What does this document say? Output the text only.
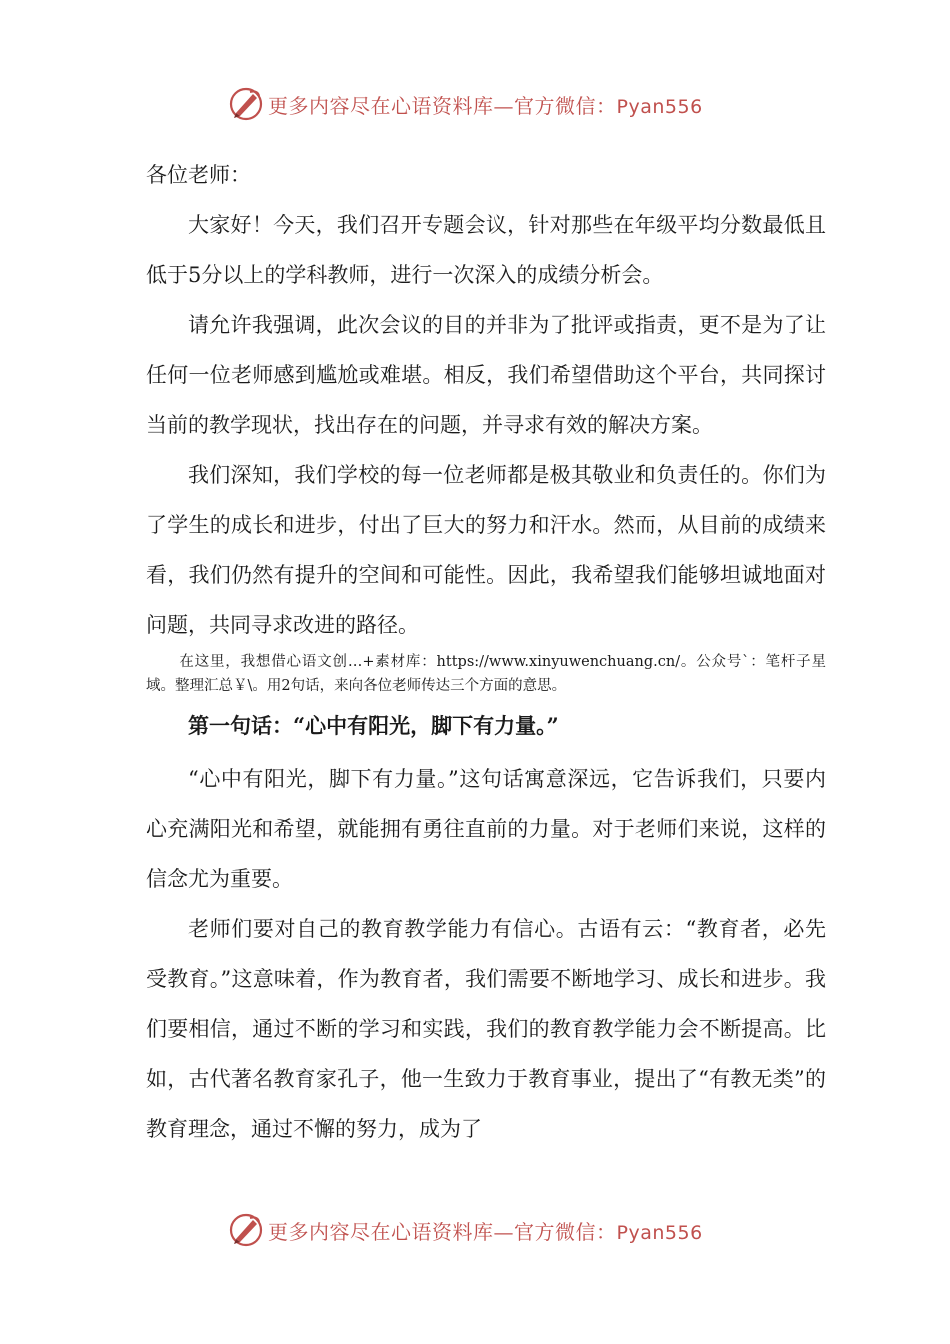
更多内容尽在心语资料库—官方微信：Pyan556

各位老师：

大家好！今天，我们召开专题会议，针对那些在年级平均分数最低且低于5分以上的学科教师，进行一次深入的成绩分析会。

请允许我强调，此次会议的目的并非为了批评或指责，更不是为了让任何一位老师感到尴尬或难堪。相反，我们希望借助这个平台，共同探讨当前的教学现状，找出存在的问题，并寻求有效的解决方案。

我们深知，我们学校的每一位老师都是极其敬业和负责任的。你们为了学生的成长和进步，付出了巨大的努力和汗水。然而，从目前的成绩来看，我们仍然有提升的空间和可能性。因此，我希望我们能够坦诚地面对问题，共同寻求改进的路径。

在这里，我想借心语文创…+素材库：https://www.xinyuwenchuang.cn/。公众号`：笔杆子星域。整理汇总￥\。用2句话，来向各位老师传达三个方面的意思。

第一句话：“心中有阳光，脚下有力量。”

“心中有阳光，脚下有力量。”这句话寓意深远，它告诉我们，只要内心充满阳光和希望，就能拥有勇往直前的力量。对于老师们来说，这样的信念尤为重要。

老师们要对自己的教育教学能力有信心。古语有云：“教育者，必先受教育。”这意味着，作为教育者，我们需要不断地学习、成长和进步。我们要相信，通过不断的学习和实践，我们的教育教学能力会不断提高。比如，古代著名教育家孔子，他一生致力于教育事业，提出了“有教无类”的教育理念，通过不懈的努力，成为了

更多内容尽在心语资料库—官方微信：Pyan556
